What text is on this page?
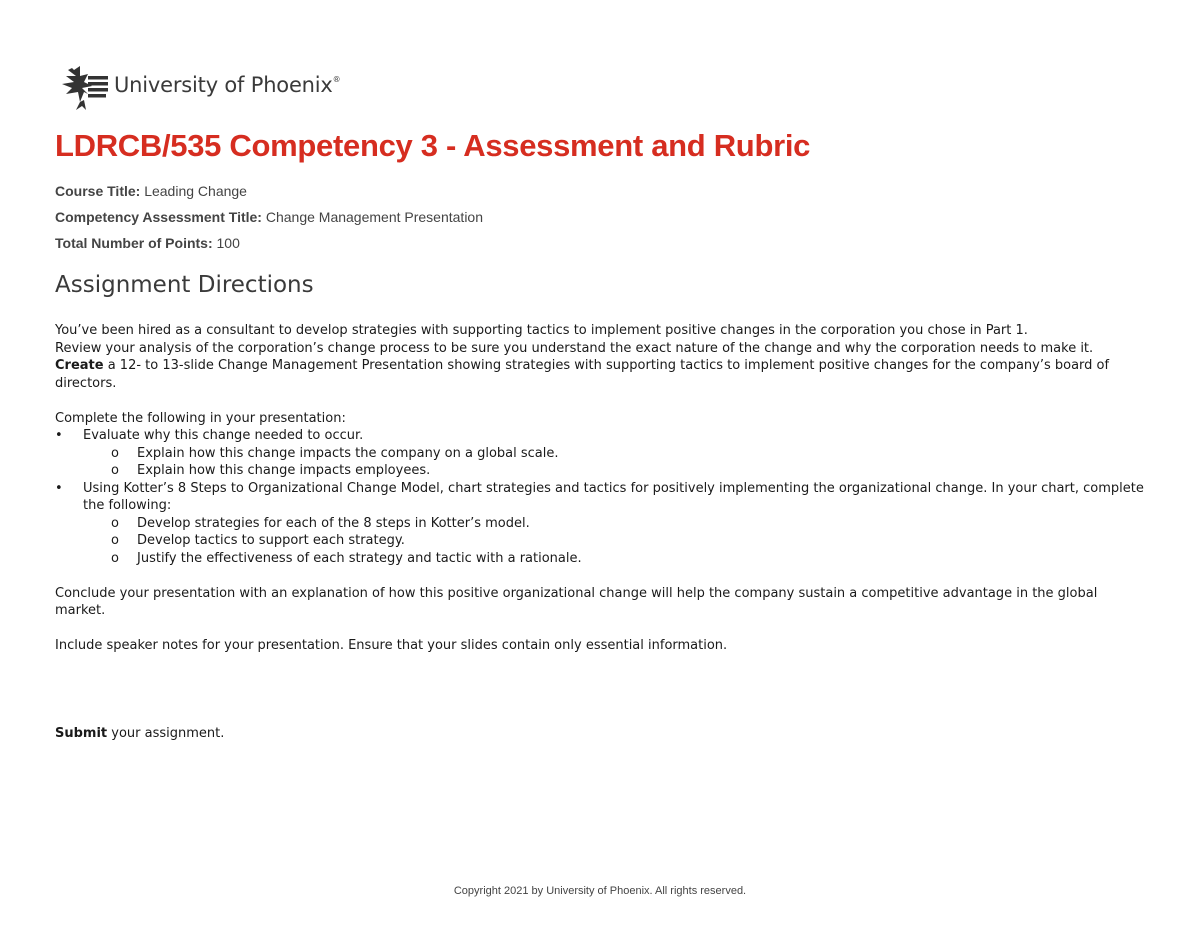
University of Phoenix®
LDRCB/535 Competency 3 - Assessment and Rubric
Course Title: Leading Change
Competency Assessment Title: Change Management Presentation
Total Number of Points: 100
Assignment Directions

You’ve been hired as a consultant to develop strategies with supporting tactics to implement positive changes in the corporation you chose in Part 1.

Review your analysis of the corporation’s change process to be sure you understand the exact nature of the change and why the corporation needs to make it.

Create a 12- to 13-slide Change Management Presentation showing strategies with supporting tactics to implement positive changes for the company’s board of directors.

Complete the following in your presentation:

•	Evaluate why this change needed to occur.
o Explain how this change impacts the company on a global scale.
o Explain how this change impacts employees.
•	Using Kotter’s 8 Steps to Organizational Change Model, chart strategies and tactics for positively implementing the organizational change. In your chart, complete the following:
o Develop strategies for each of the 8 steps in Kotter’s model.
o Develop tactics to support each strategy.
o Justify the effectiveness of each strategy and tactic with a rationale.

Conclude your presentation with an explanation of how this positive organizational change will help the company sustain a competitive advantage in the global market.

Include speaker notes for your presentation. Ensure that your slides contain only essential information.

Submit your assignment.

Copyright 2021 by University of Phoenix. All rights reserved.
